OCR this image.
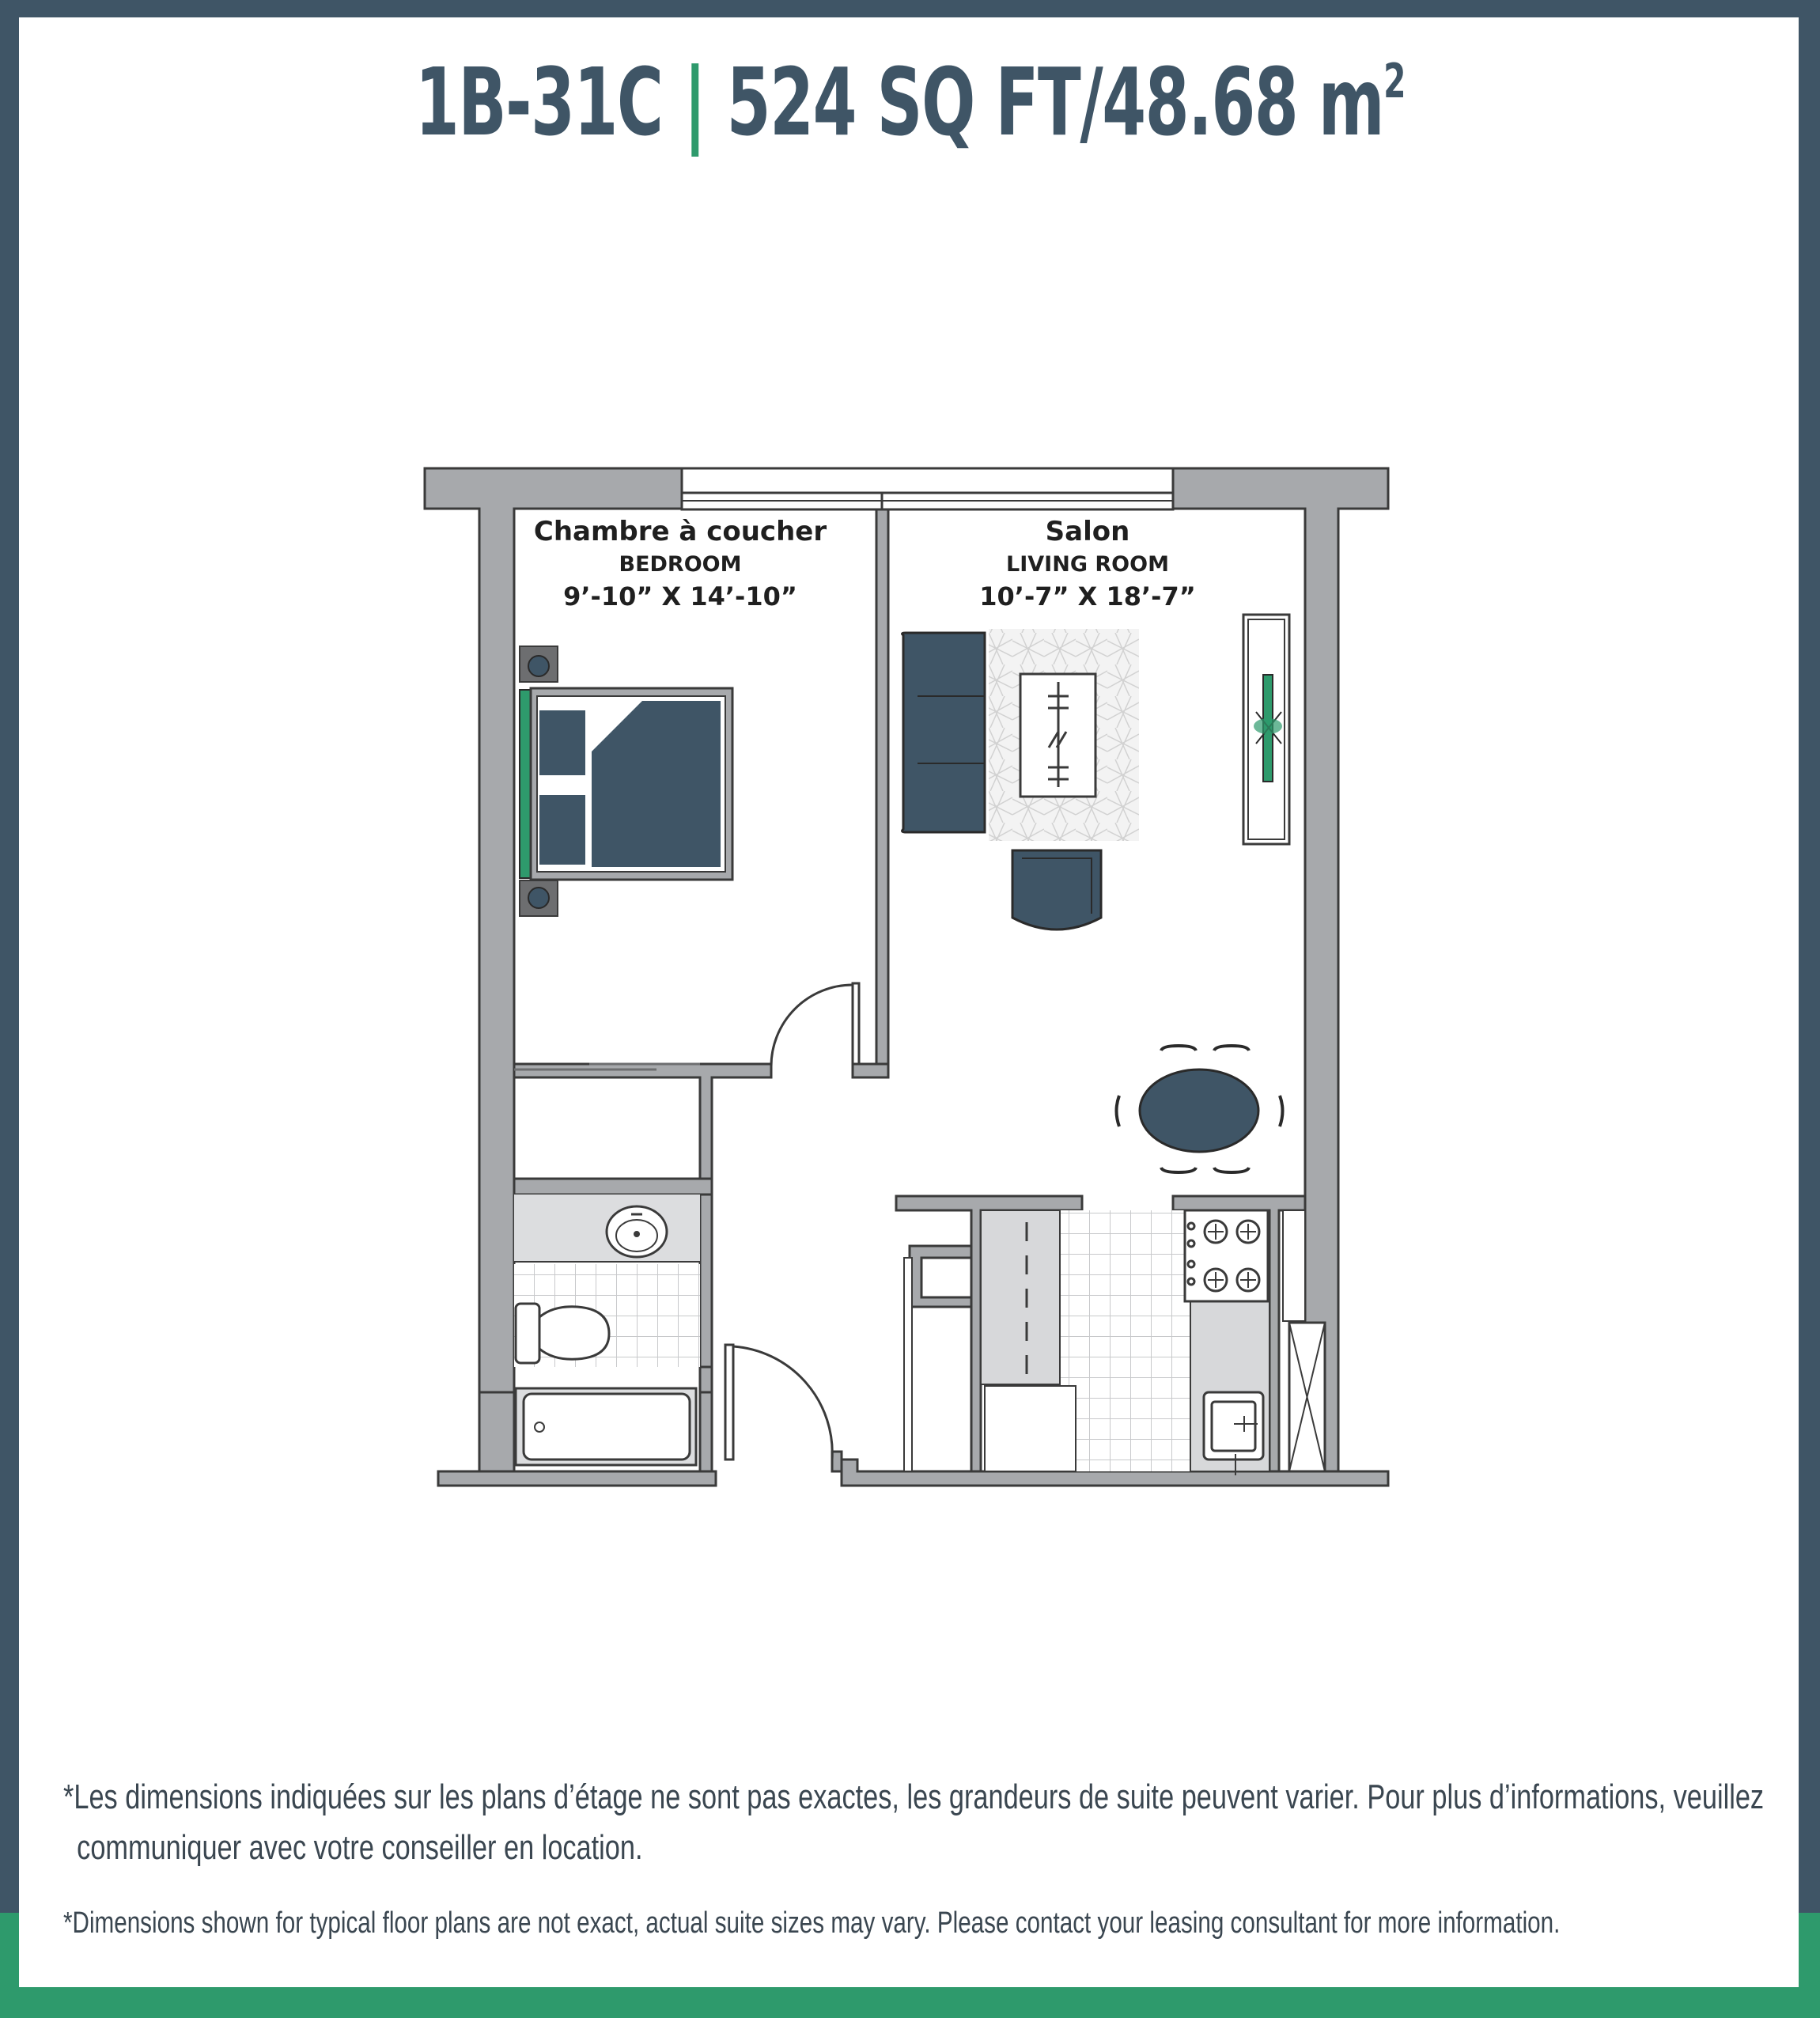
1B-31C | 524 SQ FT/48.68 $m^2$
Chambre à coucher
BEDROOM
9’-10” X 14’-10”
Salon
LIVING ROOM
10’-7” X 18’-7”
*Les dimensions indiquées sur les plans d’étage ne sont pas exactes, les grandeurs de suite peuvent varier. Pour plus d’informations, veuillez
communiquer avec votre conseiller en location.
*Dimensions shown for typical floor plans are not exact, actual suite sizes may vary. Please contact your leasing consultant for more information.
